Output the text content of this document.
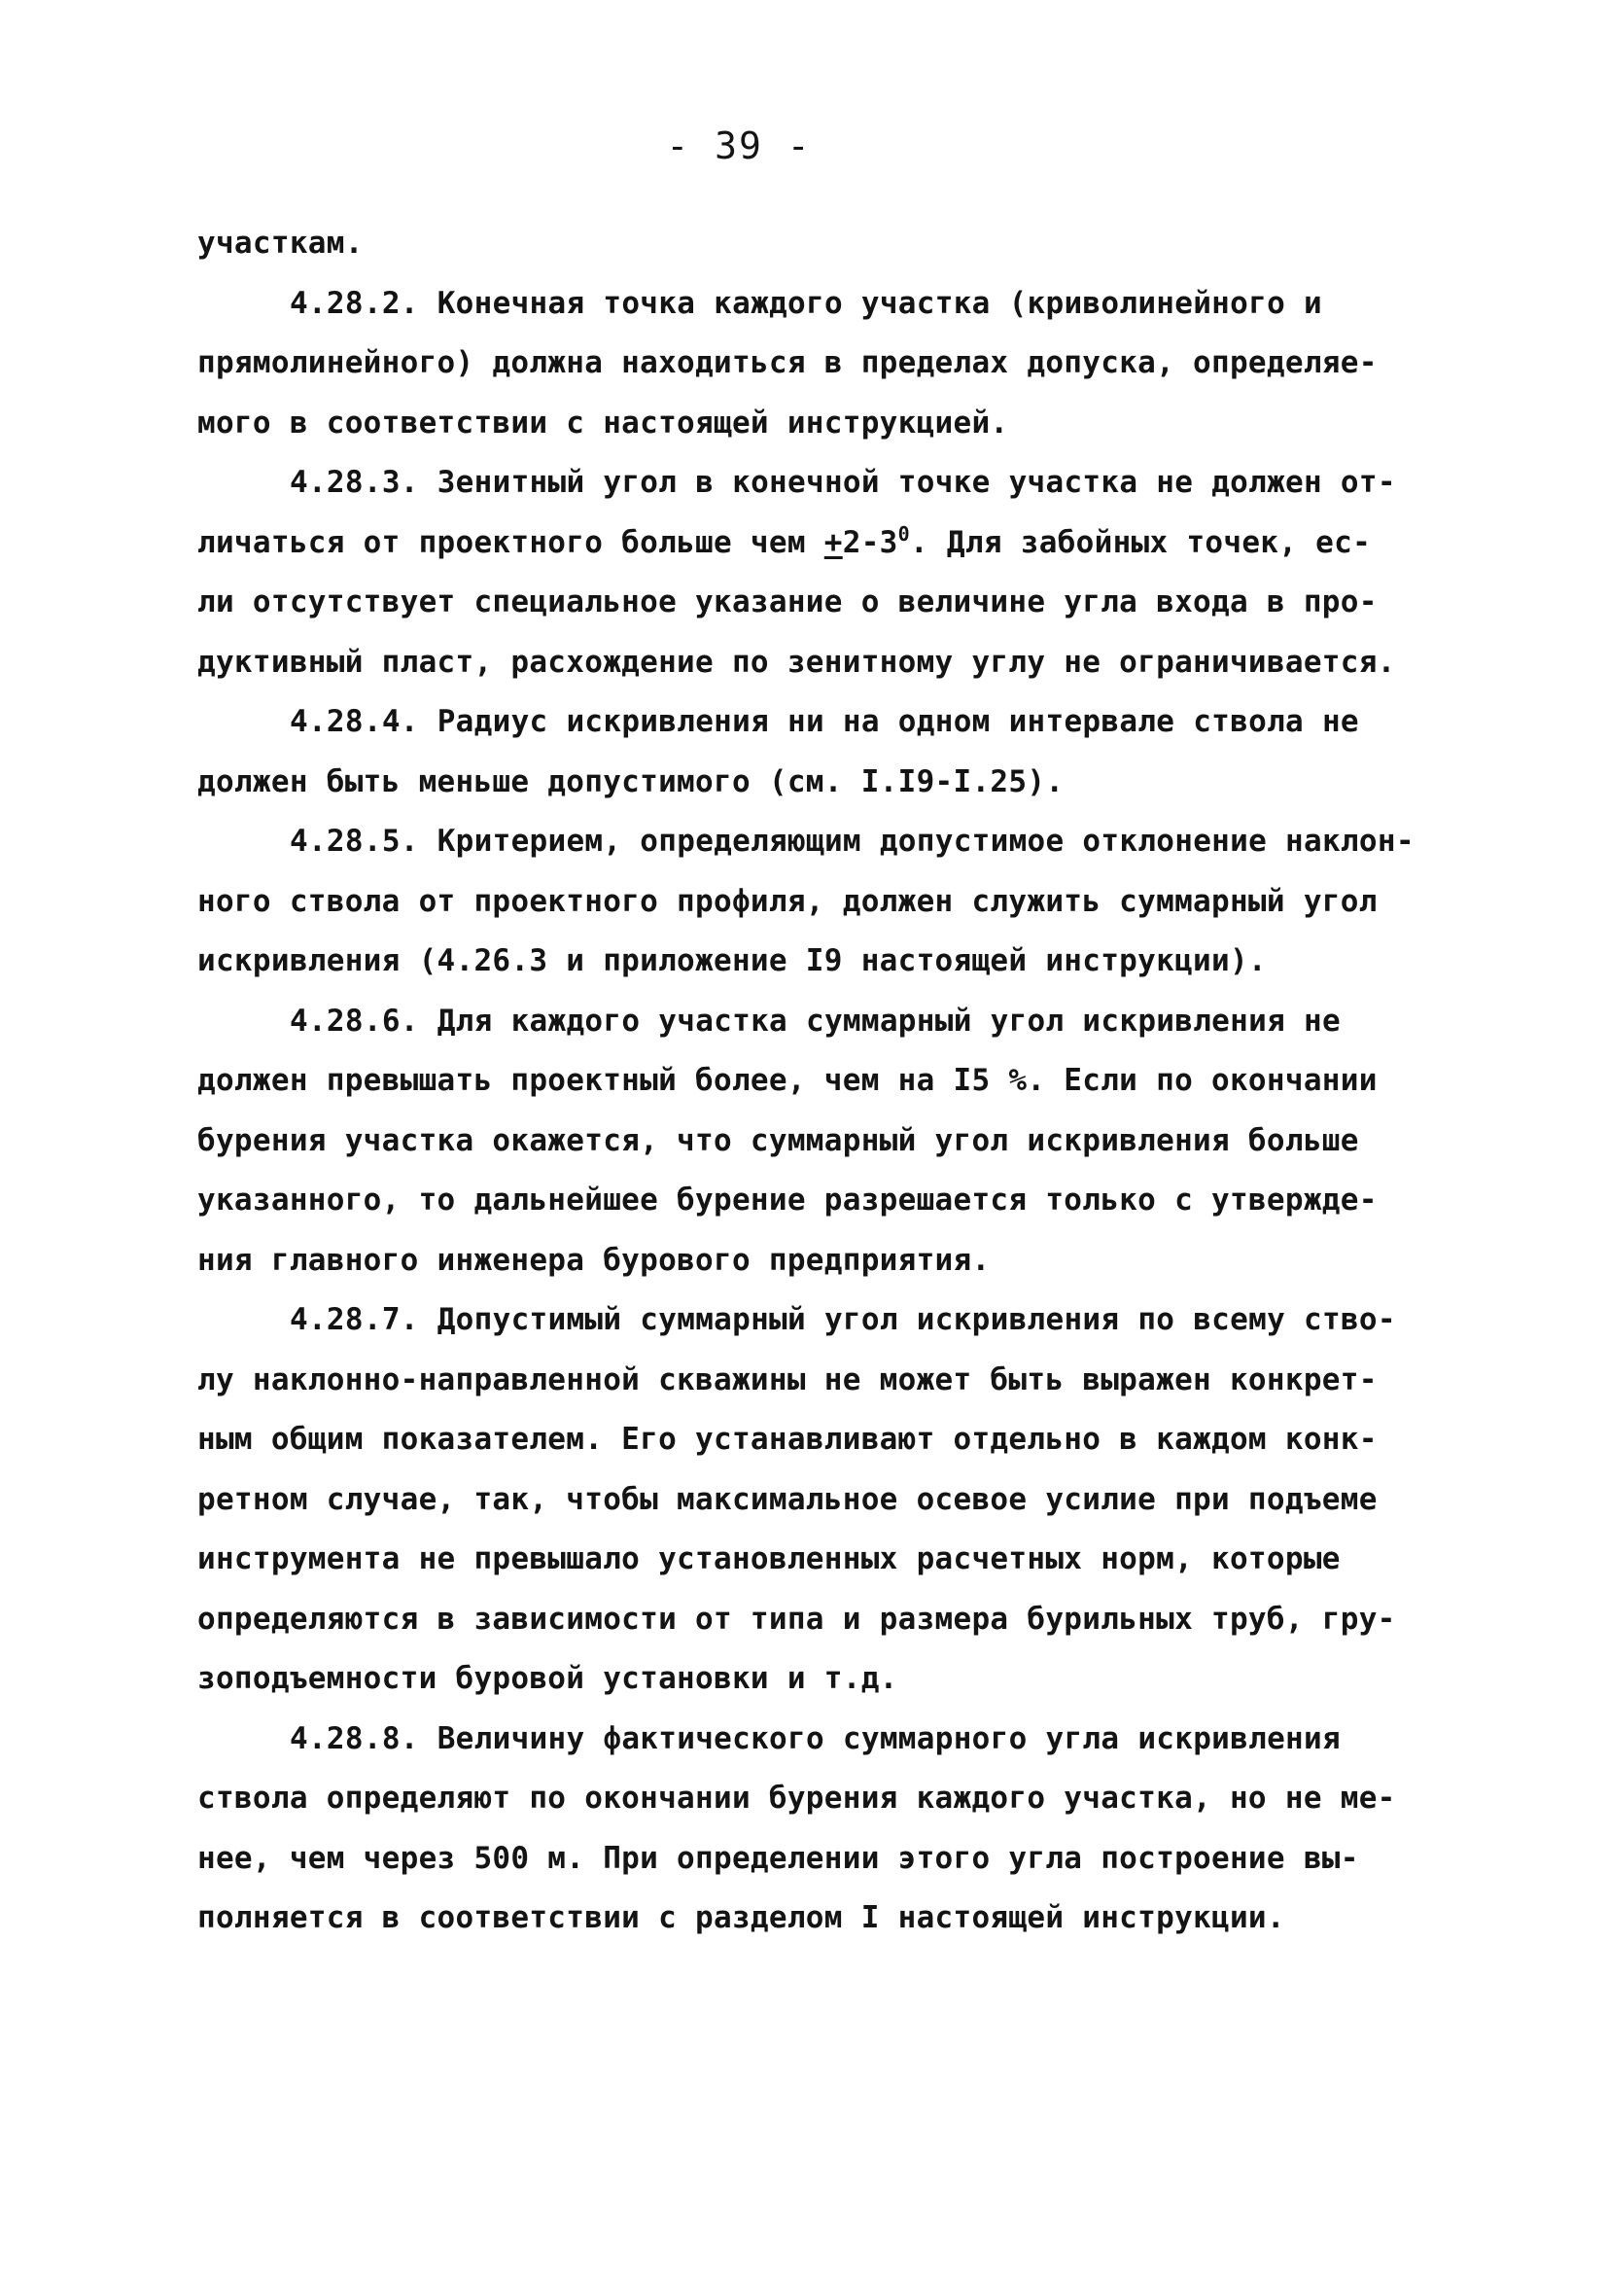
- 39 -
участкам.
4.28.2. Конечная точка каждого участка (криволинейного и
прямолинейного) должна находиться в пределах допуска, определяе-
мого в соответствии с настоящей инструкцией.
4.28.3. Зенитный угол в конечной точке участка не должен от-
личаться от проектного больше чем $+2-3^0$. Для забойных точек, ес-
ли отсутствует специальное указание о величине угла входа в про-
дуктивный пласт, расхождение по зенитному углу не ограничивается.
4.28.4. Радиус искривления ни на одном интервале ствола не
должен быть меньше допустимого (см. I.I9-I.25).
4.28.5. Критерием, определяющим допустимое отклонение наклон-
ного ствола от проектного профиля, должен служить суммарный угол
искривления (4.26.3 и приложение I9 настоящей инструкции).
4.28.6. Для каждого участка суммарный угол искривления не
должен превышать проектный более, чем на I5 %. Если по окончании
бурения участка окажется, что суммарный угол искривления больше
указанного, то дальнейшее бурение разрешается только с утвержде-
ния главного инженера бурового предприятия.
4.28.7. Допустимый суммарный угол искривления по всему ство-
лу наклонно-направленной скважины не может быть выражен конкрет-
ным общим показателем. Его устанавливают отдельно в каждом конк-
ретном случае, так, чтобы максимальное осевое усилие при подъеме
инструмента не превышало установленных расчетных норм, которые
определяются в зависимости от типа и размера бурильных труб, гру-
зоподъемности буровой установки и т.д.
4.28.8. Величину фактического суммарного угла искривления
ствола определяют по окончании бурения каждого участка, но не ме-
нее, чем через 500 м. При определении этого угла построение вы-
полняется в соответствии с разделом I настоящей инструкции.
